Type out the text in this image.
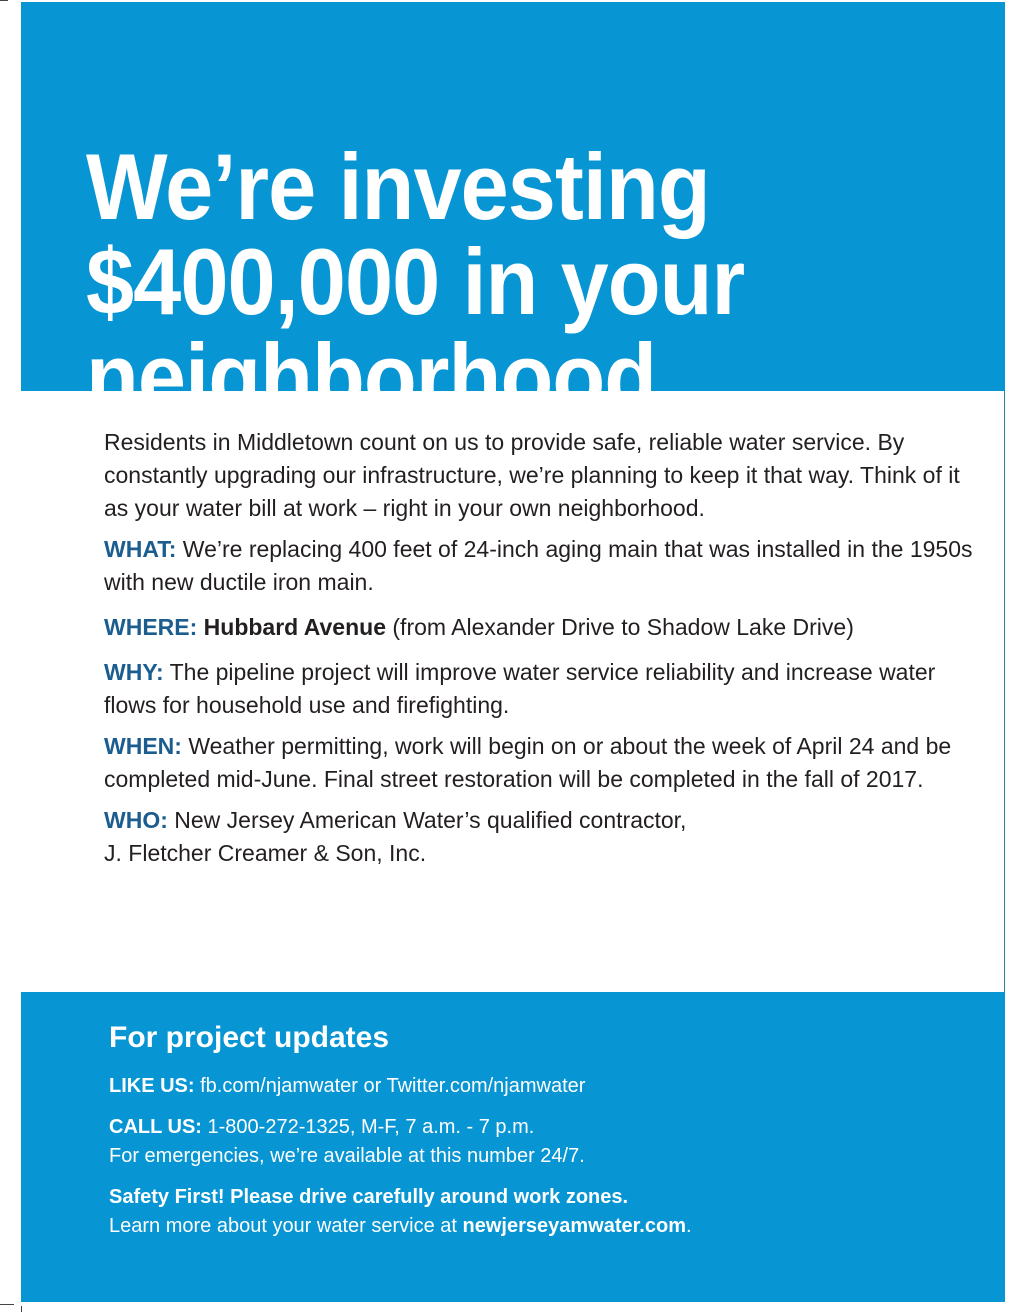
We’re investing
$400,000 in your
neighborhood

Residents in Middletown count on us to provide safe, reliable water service. By constantly upgrading our infrastructure, we’re planning to keep it that way. Think of it as your water bill at work – right in your own neighborhood.

WHAT: We’re replacing 400 feet of 24-inch aging main that was installed in the 1950s with new ductile iron main.

WHERE: Hubbard Avenue (from Alexander Drive to Shadow Lake Drive)

WHY: The pipeline project will improve water service reliability and increase water flows for household use and firefighting.

WHEN: Weather permitting, work will begin on or about the week of April 24 and be completed mid-June. Final street restoration will be completed in the fall of 2017.

WHO: New Jersey American Water’s qualified contractor,
J. Fletcher Creamer & Son, Inc.

For project updates

LIKE US: fb.com/njamwater or Twitter.com/njamwater

CALL US: 1-800-272-1325, M-F, 7 a.m. - 7 p.m.

For emergencies, we’re available at this number 24/7.

Safety First! Please drive carefully around work zones.

Learn more about your water service at newjerseyamwater.com.
